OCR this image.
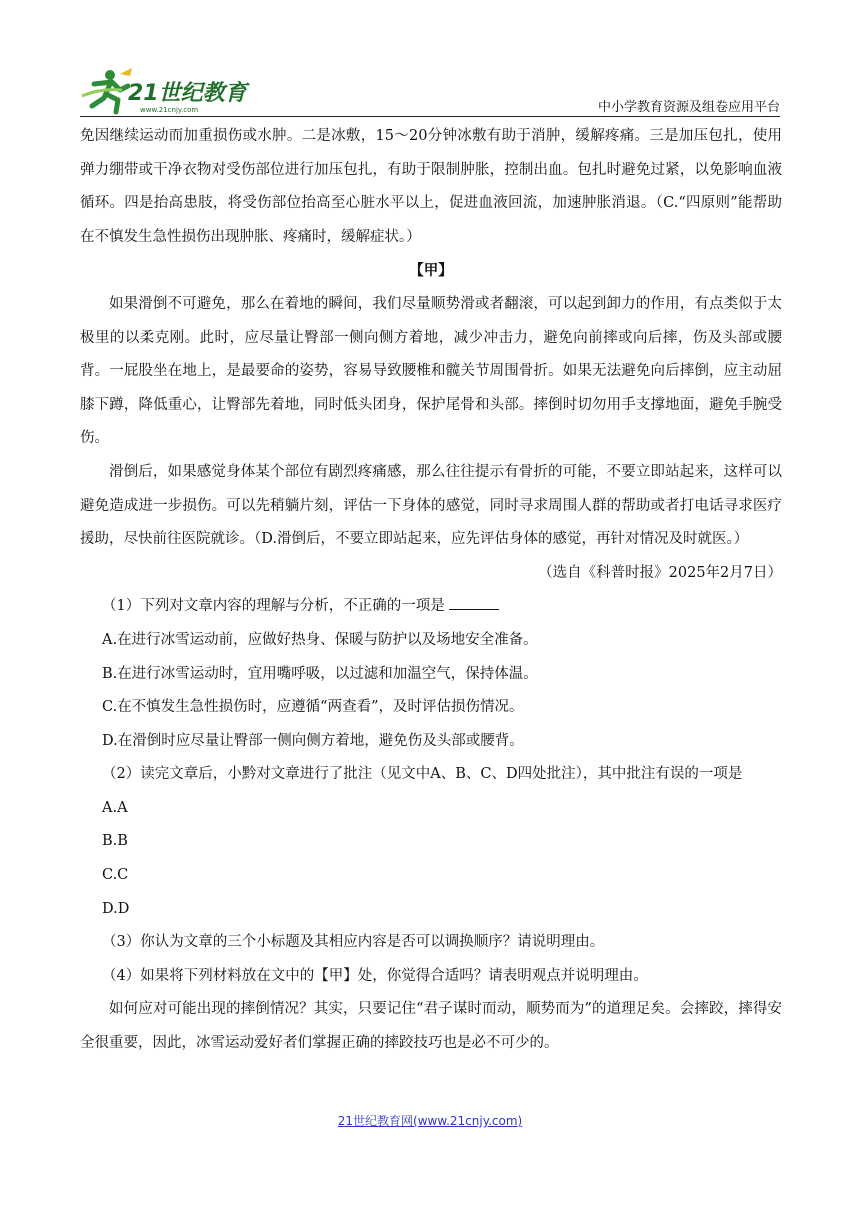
21世纪教育
www.21cnjy.com	中小学教育资源及组卷应用平台

免因继续运动而加重损伤或水肿。二是冰敷，15～20分钟冰敷有助于消肿，缓解疼痛。三是加压包扎，使用弹力绷带或干净衣物对受伤部位进行加压包扎，有助于限制肿胀，控制出血。包扎时避免过紧，以免影响血液循环。四是抬高患肢，将受伤部位抬高至心脏水平以上，促进血液回流，加速肿胀消退。（C.“四原则”能帮助在不慎发生急性损伤出现肿胀、疼痛时，缓解症状。）

【甲】

如果滑倒不可避免，那么在着地的瞬间，我们尽量顺势滑或者翻滚，可以起到卸力的作用，有点类似于太极里的以柔克刚。此时，应尽量让臀部一侧向侧方着地，减少冲击力，避免向前摔或向后摔，伤及头部或腰背。一屁股坐在地上，是最要命的姿势，容易导致腰椎和髋关节周围骨折。如果无法避免向后摔倒，应主动屈膝下蹲，降低重心，让臀部先着地，同时低头团身，保护尾骨和头部。摔倒时切勿用手支撑地面，避免手腕受伤。

滑倒后，如果感觉身体某个部位有剧烈疼痛感，那么往往提示有骨折的可能，不要立即站起来，这样可以避免造成进一步损伤。可以先稍躺片刻，评估一下身体的感觉，同时寻求周围人群的帮助或者打电话寻求医疗援助，尽快前往医院就诊。（D.滑倒后，不要立即站起来，应先评估身体的感觉，再针对情况及时就医。）

（选自《科普时报》2025年2月7日）

（1）下列对文章内容的理解与分析，不正确的一项是

A.在进行冰雪运动前，应做好热身、保暖与防护以及场地安全准备。

B.在进行冰雪运动时，宜用嘴呼吸，以过滤和加温空气，保持体温。

C.在不慎发生急性损伤时，应遵循“两查看”，及时评估损伤情况。

D.在滑倒时应尽量让臀部一侧向侧方着地，避免伤及头部或腰背。

（2）读完文章后，小黔对文章进行了批注（见文中A、B、C、D四处批注），其中批注有误的一项是

A.A

B.B

C.C

D.D

（3）你认为文章的三个小标题及其相应内容是否可以调换顺序？请说明理由。

（4）如果将下列材料放在文中的【甲】处，你觉得合适吗？请表明观点并说明理由。

如何应对可能出现的摔倒情况？其实，只要记住“君子谋时而动，顺势而为”的道理足矣。会摔跤，摔得安全很重要，因此，冰雪运动爱好者们掌握正确的摔跤技巧也是必不可少的。

21世纪教育网(www.21cnjy.com)
